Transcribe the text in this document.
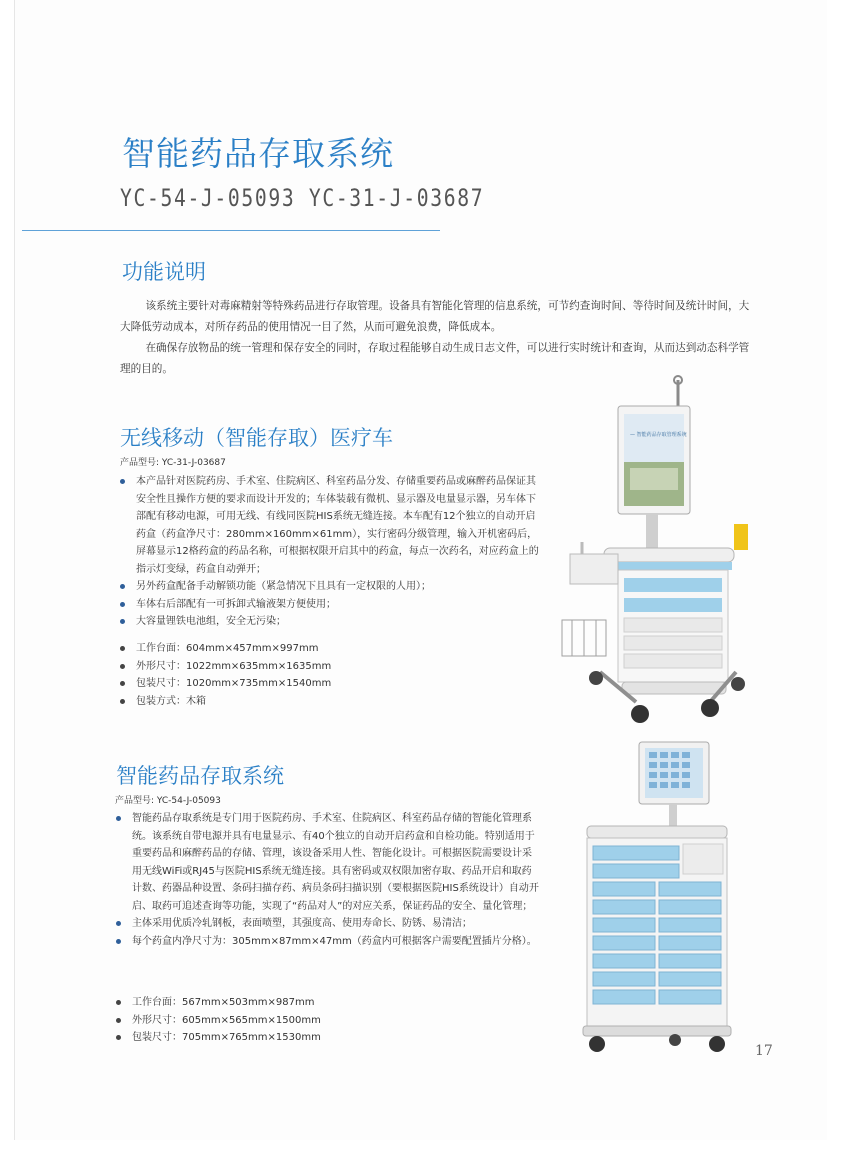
智能药品存取系统
YC-54-J-05093 YC-31-J-03687
功能说明
该系统主要针对毒麻精射等特殊药品进行存取管理。设备具有智能化管理的信息系统，可节约查询时间、等待时间及统计时间，大大降低劳动成本，对所存药品的使用情况一目了然，从而可避免浪费，降低成本。
在确保存放物品的统一管理和保存安全的同时，存取过程能够自动生成日志文件，可以进行实时统计和查询，从而达到动态科学管理的目的。
无线移动（智能存取）医疗车
产品型号: YC-31-J-03687
本产品针对医院药房、手术室、住院病区、科室药品分发、存储重要药品或麻醉药品保证其安全性且操作方便的要求而设计开发的；车体装载有微机、显示器及电量显示器，另车体下部配有移动电源，可用无线、有线同医院HIS系统无缝连接。本车配有12个独立的自动开启药盒（药盒净尺寸：280mm×160mm×61mm），实行密码分级管理，输入开机密码后，屏幕显示12格药盒的药品名称，可根据权限开启其中的药盒，每点一次药名，对应药盒上的指示灯变绿，药盒自动弹开；
另外药盒配备手动解锁功能（紧急情况下且具有一定权限的人用）；
车体右后部配有一可拆卸式输液架方便使用；
大容量锂铁电池组，安全无污染；
工作台面：604mm×457mm×997mm
外形尺寸：1022mm×635mm×1635mm
包装尺寸：1020mm×735mm×1540mm
包装方式：木箱
— 智能药品存取管理系统
智能药品存取系统
产品型号: YC-54-J-05093
智能药品存取系统是专门用于医院药房、手术室、住院病区、科室药品存储的智能化管理系统。该系统自带电源并具有电量显示、有40个独立的自动开启药盒和自检功能。特别适用于重要药品和麻醉药品的存储、管理，该设备采用人性、智能化设计。可根据医院需要设计采用无线WiFi或RJ45与医院HIS系统无缝连接。具有密码或双权限加密存取、药品开启和取药计数、药器品种设置、条码扫描存药、病员条码扫描识别（要根据医院HIS系统设计）自动开启、取药可追述查询等功能，实现了“药品对人”的对应关系，保证药品的安全、量化管理；
主体采用优质冷轧钢板，表面喷塑，其强度高、使用寿命长、防锈、易清洁；
每个药盒内净尺寸为：305mm×87mm×47mm（药盒内可根据客户需要配置插片分格）。
工作台面：567mm×503mm×987mm
外形尺寸：605mm×565mm×1500mm
包装尺寸：705mm×765mm×1530mm
17
